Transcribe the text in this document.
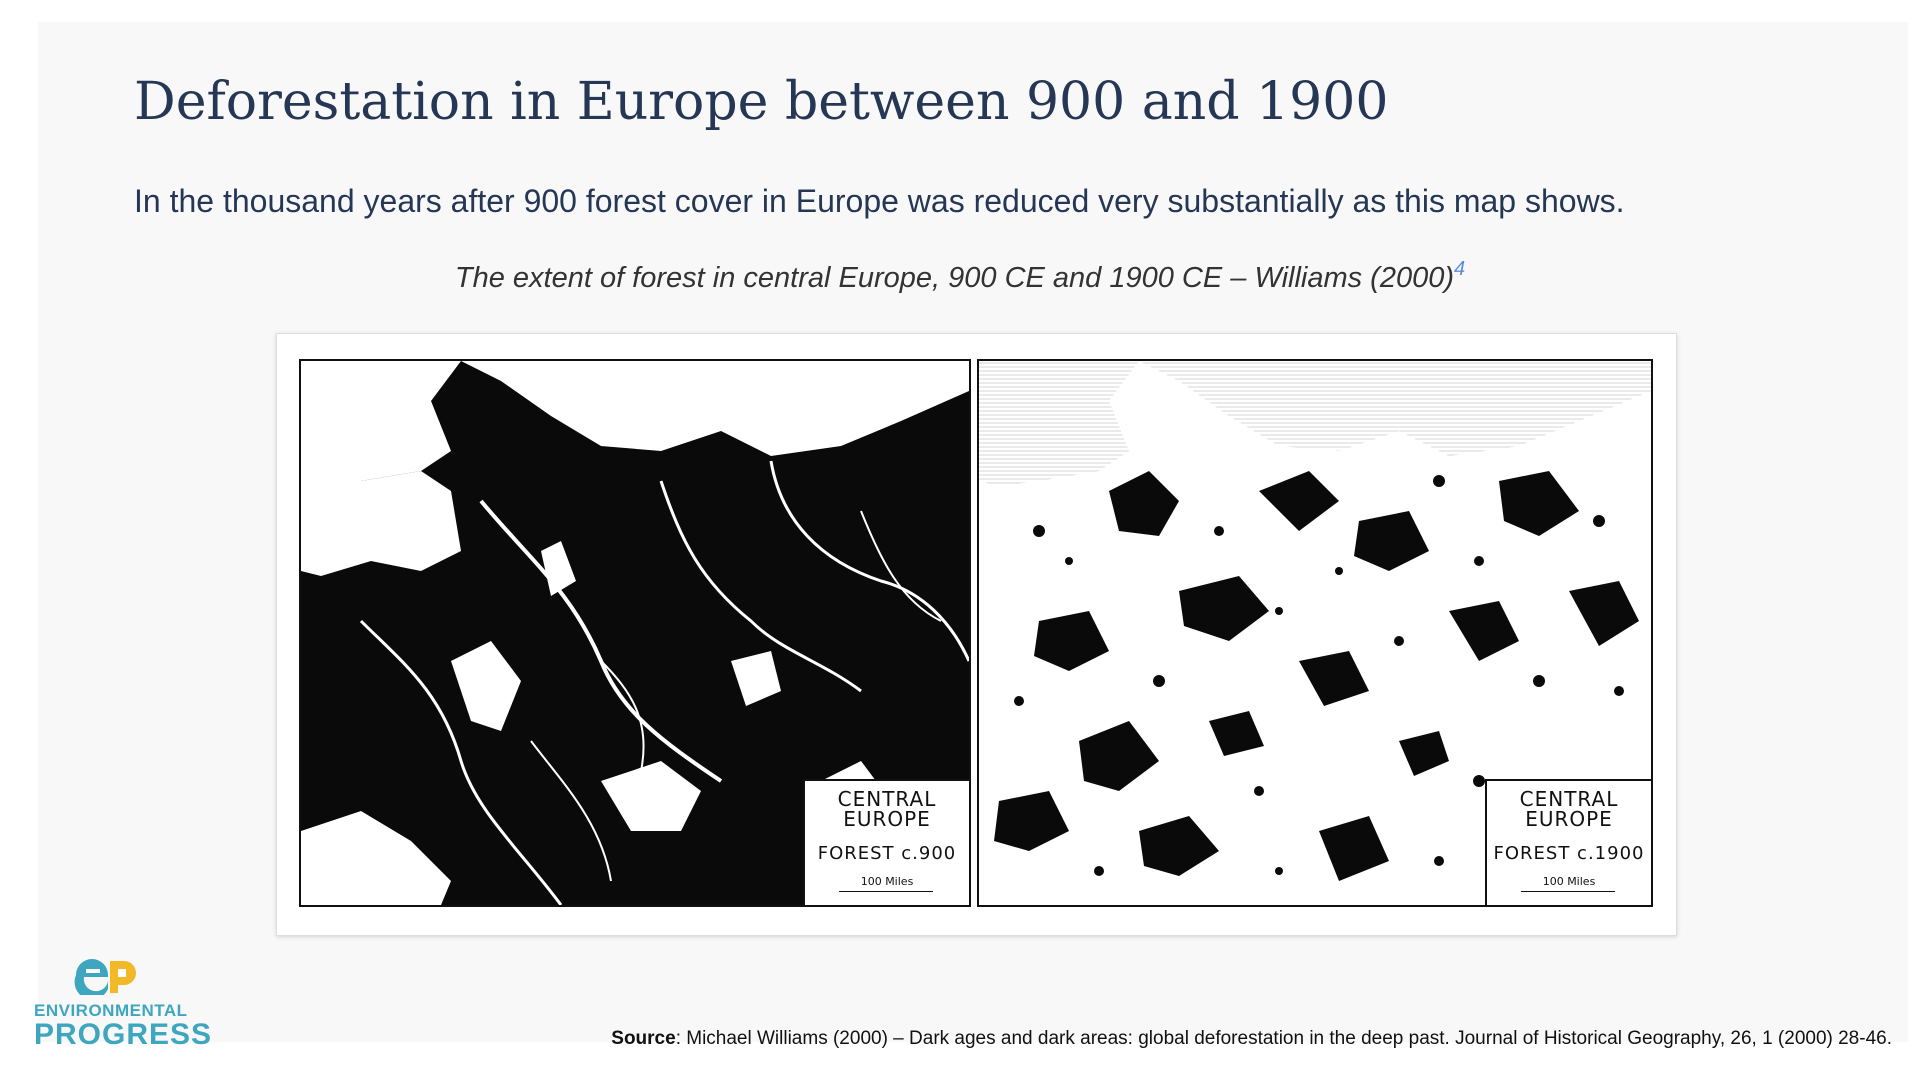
Deforestation in Europe between 900 and 1900

In the thousand years after 900 forest cover in Europe was reduced very substantially as this map shows.

The extent of forest in central Europe, 900 CE and 1900 CE – Williams $(2000)^4$
CENTRAL
EUROPE
FOREST c.900
100 Miles
CENTRAL
EUROPE
FOREST c.1900
100 Miles
ENVIRONMENTAL
PROGRESS	Source: Michael Williams (2000) – Dark ages and dark areas: global deforestation in the deep past. Journal of Historical Geography, 26, 1 (2000) 28-46.
